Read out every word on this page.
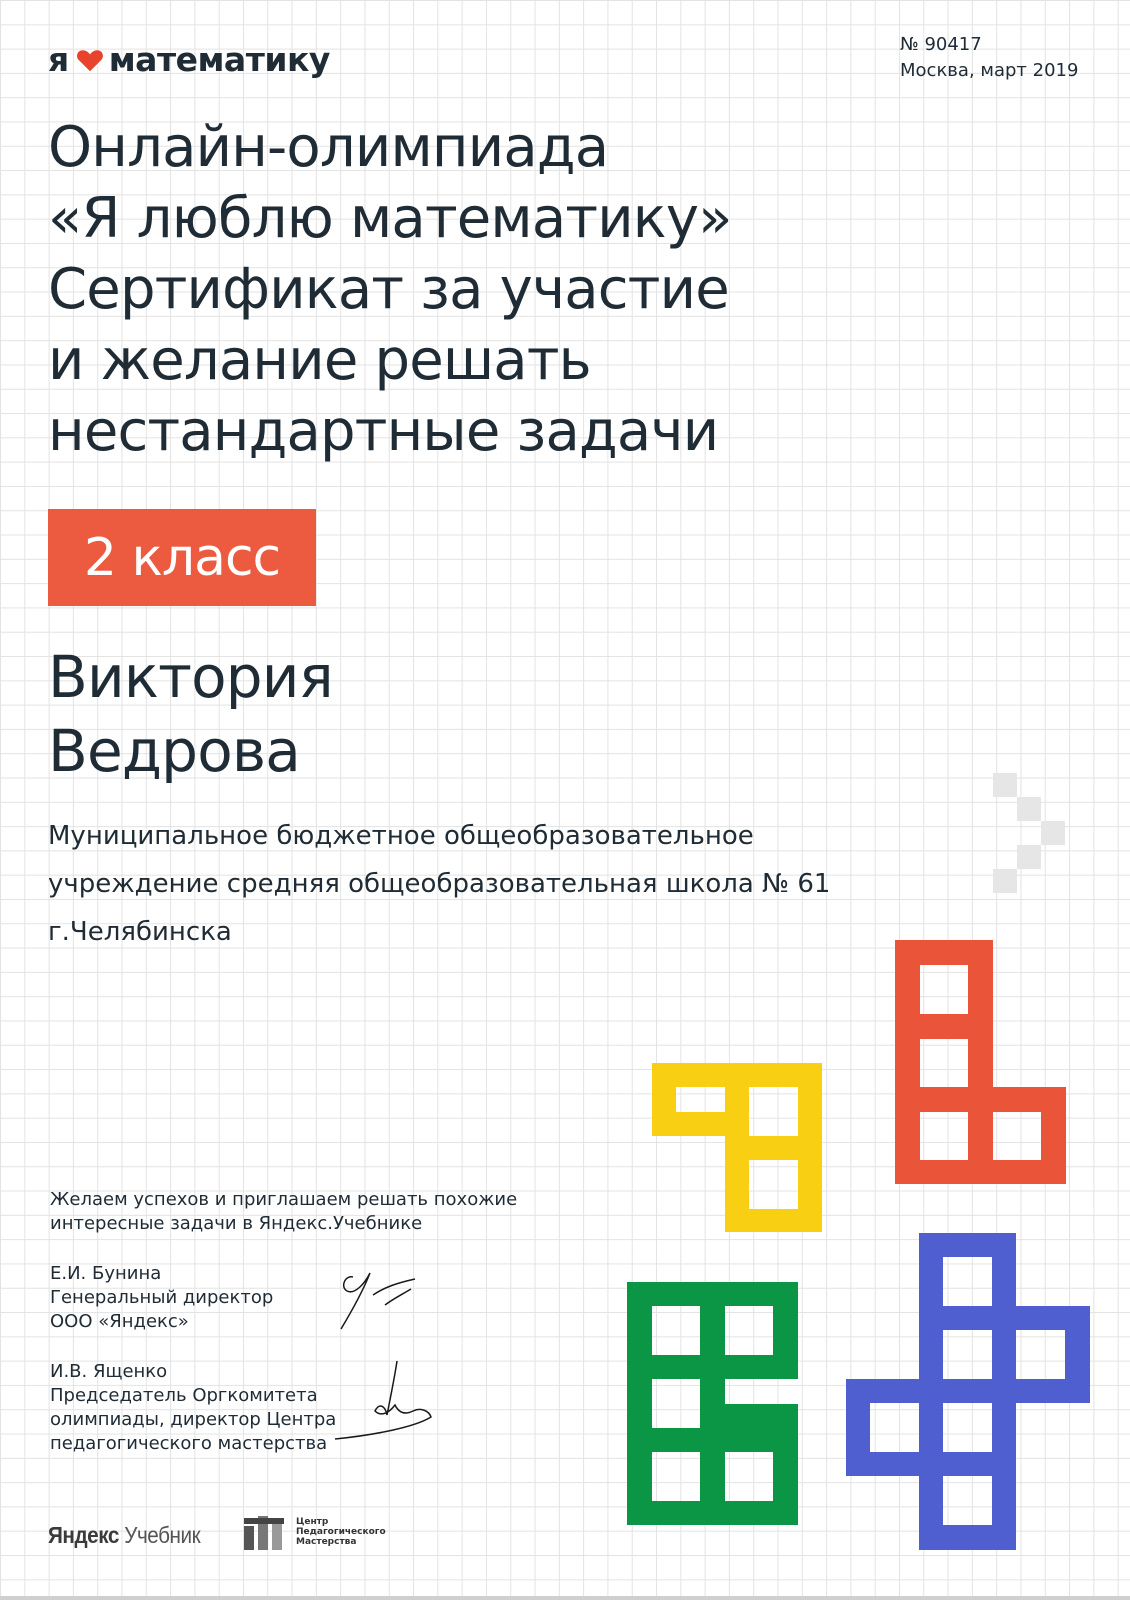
я математику	№ 90417
Москва, март 2019
Онлайн-олимпиада
«Я люблю математику»
Сертификат за участие
и желание решать
нестандартные задачи
2 класс
Виктория
Ведрова
Муниципальное бюджетное общеобразовательное учреждение средняя общеобразовательная школа № 61 г.Челябинска
Желаем успехов и приглашаем решать похожие интересные задачи в Яндекс.Учебнике
Е.И. Бунина
Генеральный директор
ООО «Яндекс»
И.В. Ященко
Председатель Оргкомитета
олимпиады, директор Центра
педагогического мастерства
Яндекс Учебник	Центр
Педагогического
Мастерства
